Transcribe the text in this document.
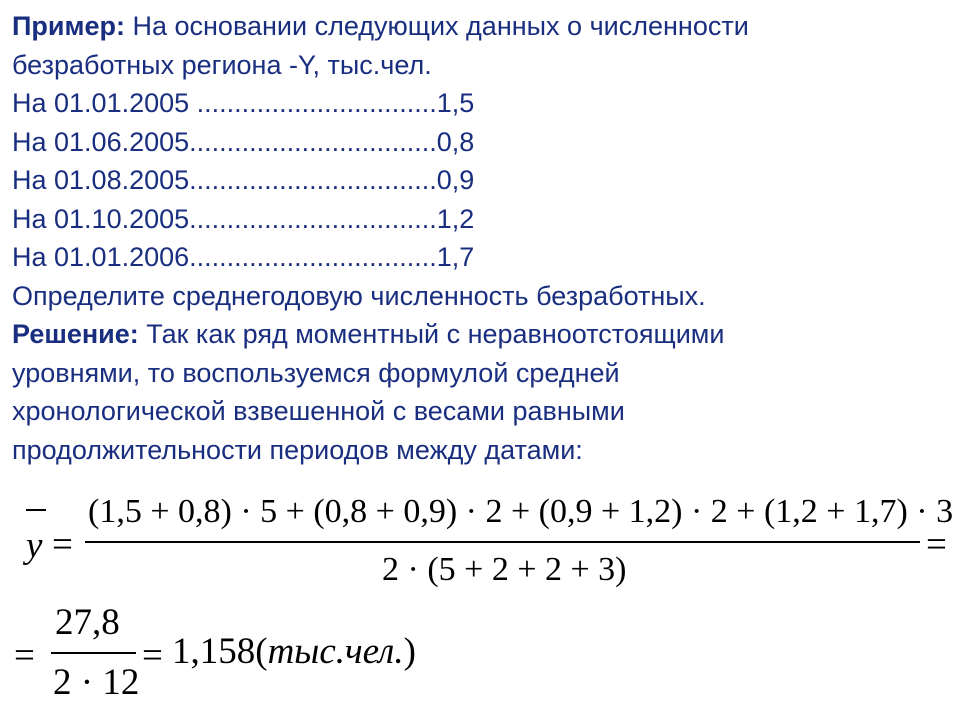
Пример: На основании следующих данных о численности
безработных региона -Y, тыс.чел.
На 01.01.2005 ................................1,5
На 01.06.2005.................................0,8
На 01.08.2005.................................0,9
На 01.10.2005.................................1,2
На 01.01.2006.................................1,7
Определите среднегодовую численность безработных.
Решение: Так как ряд моментный с неравноотстоящими
уровнями, то воспользуемся формулой средней
хронологической взвешенной с весами равными
продолжительности периодов между датами:
y =
(1,5 + 0,8) · 5 + (0,8 + 0,9) · 2 + (0,9 + 1,2) · 2 + (1,2 + 1,7) · 3
2 · (5 + 2 + 2 + 3)
=
=
27,8
2 · 12
= 1,158(тыс.чел.)
